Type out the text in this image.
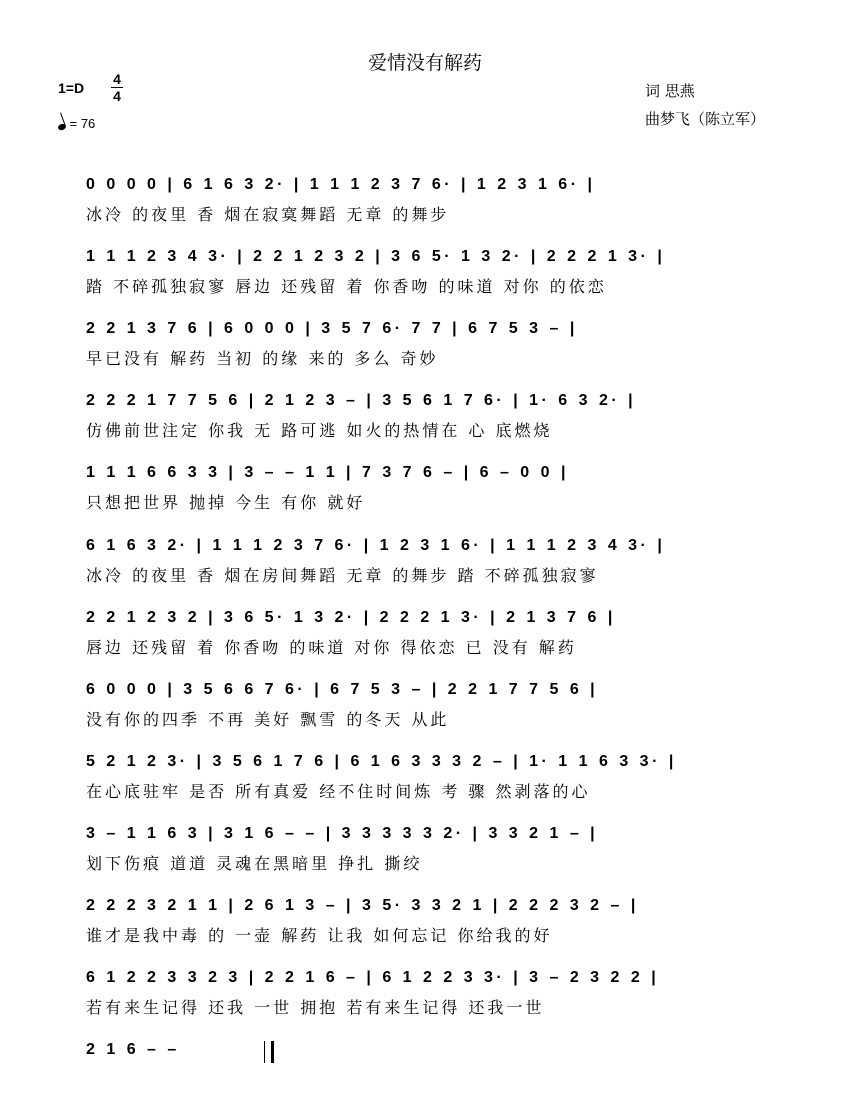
爱情没有解药
1=D
4
4
= 76
词 思燕
曲梦飞（陈立军）
0 0 0 0 | 6 1 6 3 2· | 1 1 1 2 3 7 6· | 1 2 3 1 6· |
冰冷 的夜里 香 烟在寂寞舞蹈 无章 的舞步
1 1 1 2 3 4 3· | 2 2 1 2 3 2 | 3 6 5· 1 3 2· | 2 2 2 1 3· |
踏 不碎孤独寂寥 唇边 还残留 着 你香吻 的味道 对你 的依恋
2 2 1 3 7 6 | 6 0 0 0 | 3 5 7 6· 7 7 | 6 7 5 3 – |
早已没有 解药 当初 的缘 来的 多么 奇妙
2 2 2 1 7 7 5 6 | 2 1 2 3 – | 3 5 6 1 7 6· | 1· 6 3 2· |
仿佛前世注定 你我 无 路可逃 如火的热情在 心 底燃烧
1 1 1 6 6 3 3 | 3 – – 1 1 | 7 3 7 6 – | 6 – 0 0 |
只想把世界 抛掉 今生 有你 就好
6 1 6 3 2· | 1 1 1 2 3 7 6· | 1 2 3 1 6· | 1 1 1 2 3 4 3· |
冰冷 的夜里 香 烟在房间舞蹈 无章 的舞步 踏 不碎孤独寂寥
2 2 1 2 3 2 | 3 6 5· 1 3 2· | 2 2 2 1 3· | 2 1 3 7 6 |
唇边 还残留 着 你香吻 的味道 对你 得依恋 已 没有 解药
6 0 0 0 | 3 5 6 6 7 6· | 6 7 5 3 – | 2 2 1 7 7 5 6 |
没有你的四季 不再 美好 飘雪 的冬天 从此
5 2 1 2 3· | 3 5 6 1 7 6 | 6 1 6 3 3 3 2 – | 1· 1 1 6 3 3· |
在心底驻牢 是否 所有真爱 经不住时间炼 考 骤 然剥落的心
3 – 1 1 6 3 | 3 1 6 – – | 3 3 3 3 3 2· | 3 3 2 1 – |
划下伤痕 道道 灵魂在黑暗里 挣扎 撕绞
2 2 2 3 2 1 1 | 2 6 1 3 – | 3 5· 3 3 2 1 | 2 2 2 3 2 – |
谁才是我中毒 的 一壶 解药 让我 如何忘记 你给我的好
6 1 2 2 3 3 2 3 | 2 2 1 6 – | 6 1 2 2 3 3· | 3 – 2 3 2 2 |
若有来生记得 还我 一世 拥抱 若有来生记得 还我一世
2 1 6 – –
